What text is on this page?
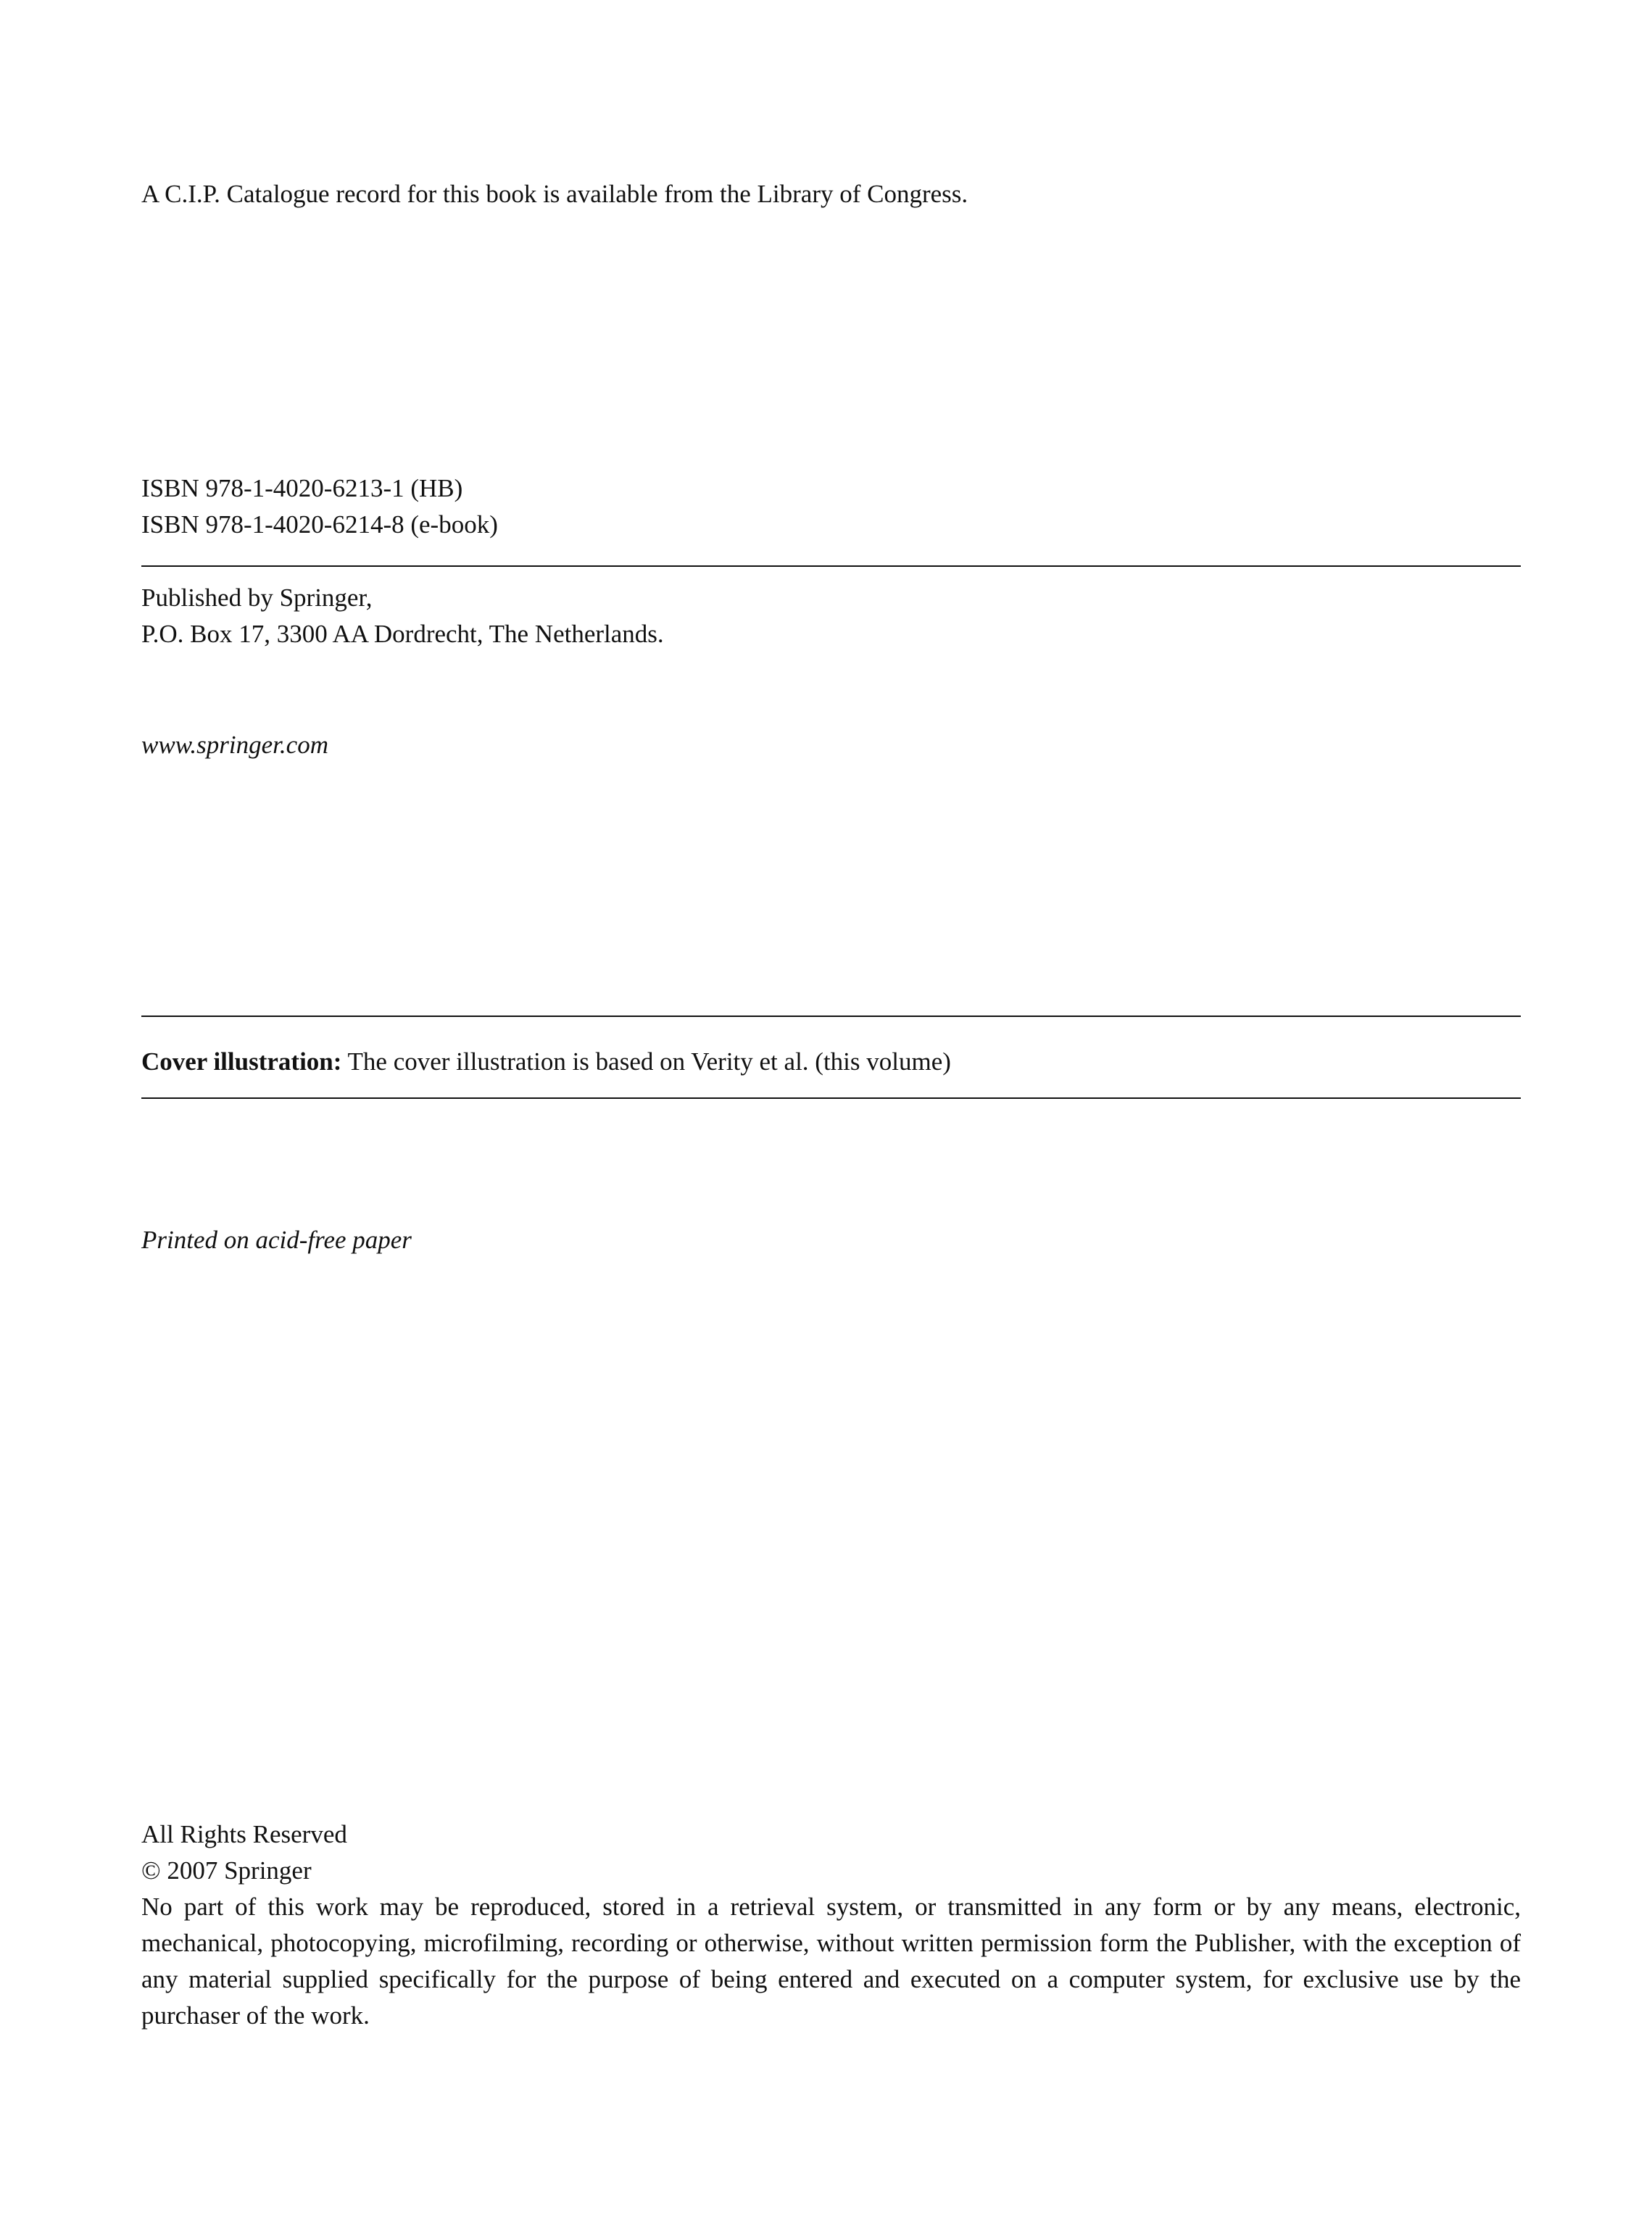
A C.I.P. Catalogue record for this book is available from the Library of Congress.
ISBN 978-1-4020-6213-1 (HB)
ISBN 978-1-4020-6214-8 (e-book)
Published by Springer,
P.O. Box 17, 3300 AA Dordrecht, The Netherlands.
www.springer.com
Cover illustration: The cover illustration is based on Verity et al. (this volume)
Printed on acid-free paper
All Rights Reserved
© 2007 Springer
No part of this work may be reproduced, stored in a retrieval system, or transmitted in any form or by any means, electronic, mechanical, photocopying, microfilming, recording or otherwise, without written permission form the Publisher, with the exception of any material supplied specifically for the purpose of being entered and executed on a computer system, for exclusive use by the purchaser of the work.
